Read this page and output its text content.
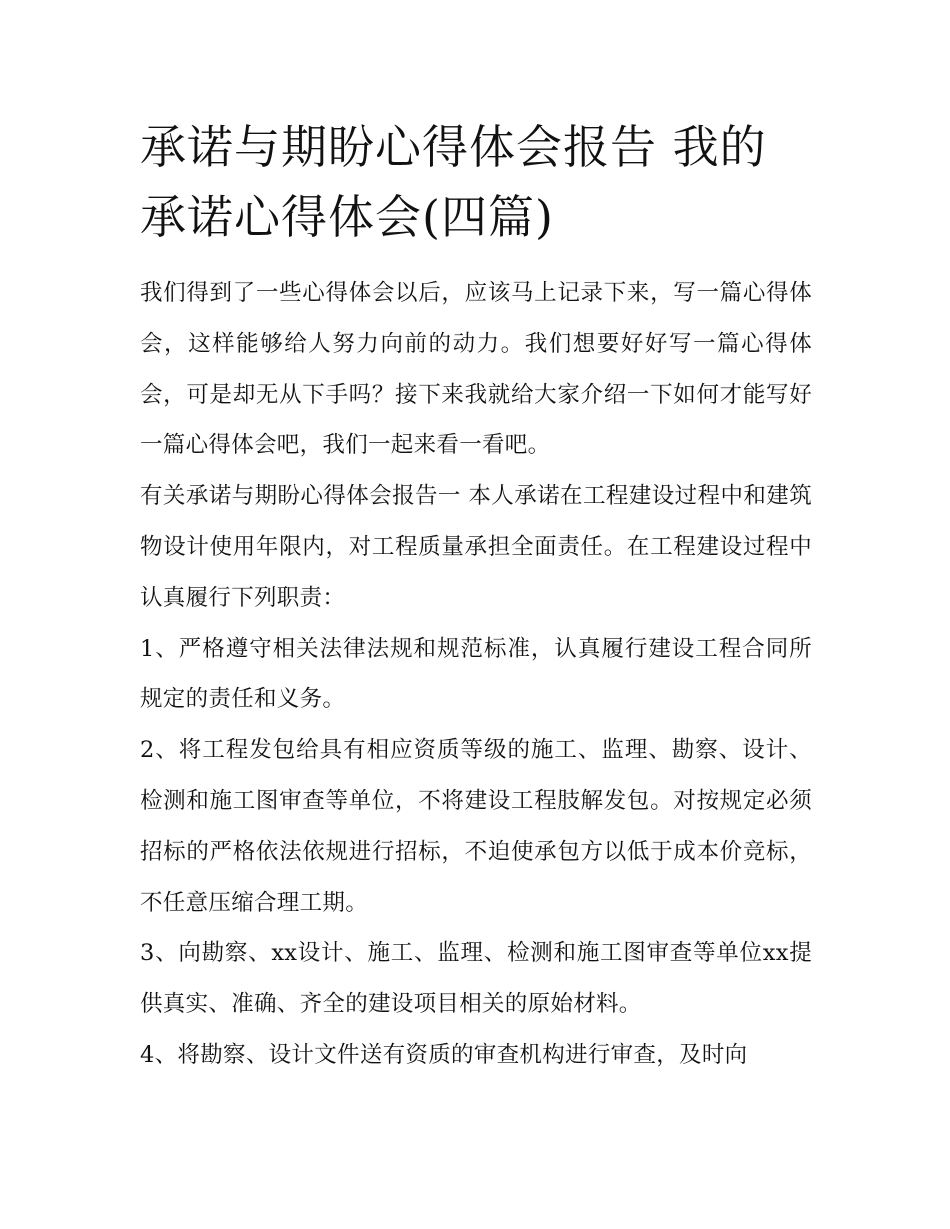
承诺与期盼心得体会报告 我的承诺心得体会(四篇)

我们得到了一些心得体会以后，应该马上记录下来，写一篇心得体会，这样能够给人努力向前的动力。我们想要好好写一篇心得体会，可是却无从下手吗？接下来我就给大家介绍一下如何才能写好一篇心得体会吧，我们一起来看一看吧。

有关承诺与期盼心得体会报告一 本人承诺在工程建设过程中和建筑物设计使用年限内，对工程质量承担全面责任。在工程建设过程中认真履行下列职责：

1、严格遵守相关法律法规和规范标准，认真履行建设工程合同所规定的责任和义务。

2、将工程发包给具有相应资质等级的施工、监理、勘察、设计、检测和施工图审查等单位，不将建设工程肢解发包。对按规定必须招标的严格依法依规进行招标，不迫使承包方以低于成本价竞标，不任意压缩合理工期。

3、向勘察、xx设计、施工、监理、检测和施工图审查等单位xx提供真实、准确、齐全的建设项目相关的原始材料。

4、将勘察、设计文件送有资质的审查机构进行审查，及时向
